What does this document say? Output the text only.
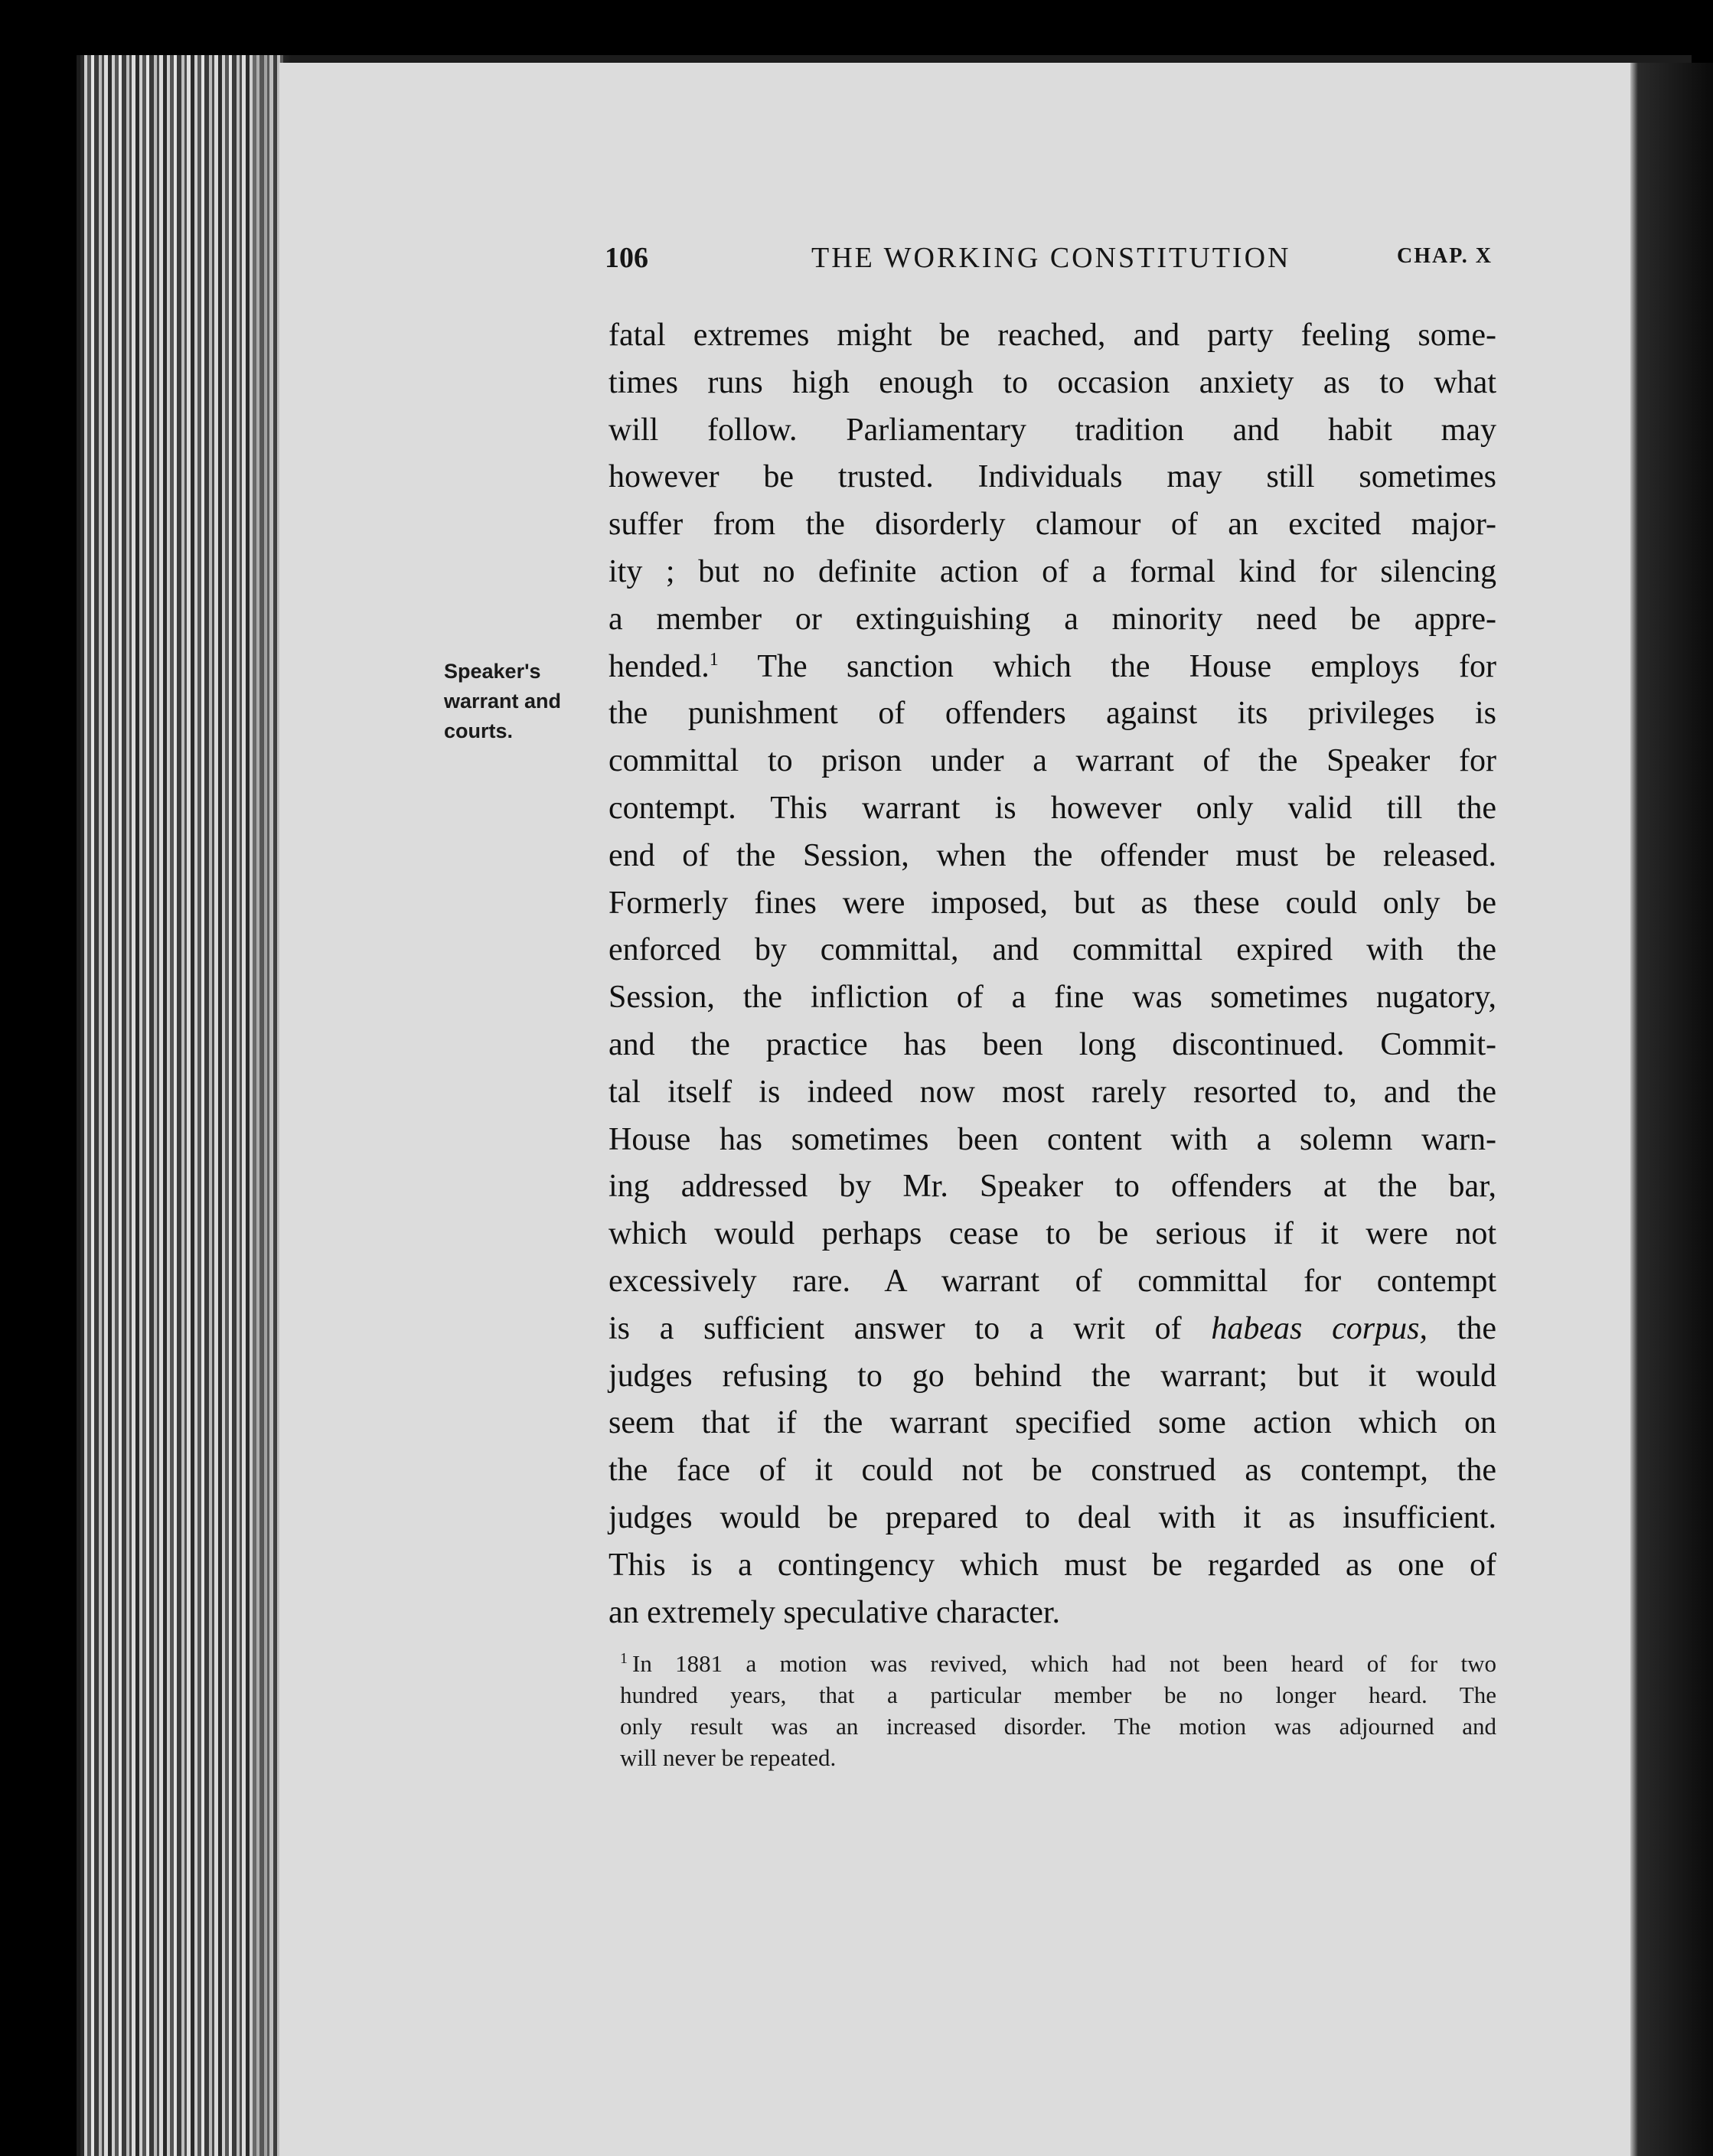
106	THE WORKING CONSTITUTION	CHAP. X
Speaker's
warrant and
courts.
fatal extremes might be reached, and party feeling some-
times runs high enough to occasion anxiety as to what
will follow. Parliamentary tradition and habit may
however be trusted. Individuals may still sometimes
suffer from the disorderly clamour of an excited major-
ity ; but no definite action of a formal kind for silencing
a member or extinguishing a minority need be appre-
hended.$^1$ The sanction which the House employs for
the punishment of offenders against its privileges is
committal to prison under a warrant of the Speaker for
contempt. This warrant is however only valid till the
end of the Session, when the offender must be released.
Formerly fines were imposed, but as these could only be
enforced by committal, and committal expired with the
Session, the infliction of a fine was sometimes nugatory,
and the practice has been long discontinued. Commit-
tal itself is indeed now most rarely resorted to, and the
House has sometimes been content with a solemn warn-
ing addressed by Mr. Speaker to offenders at the bar,
which would perhaps cease to be serious if it were not
excessively rare. A warrant of committal for contempt
is a sufficient answer to a writ of habeas corpus, the
judges refusing to go behind the warrant; but it would
seem that if the warrant specified some action which on
the face of it could not be construed as contempt, the
judges would be prepared to deal with it as insufficient.
This is a contingency which must be regarded as one of
an extremely speculative character.
$^1$ In 1881 a motion was revived, which had not been heard of for two
hundred years, that a particular member be no longer heard. The
only result was an increased disorder. The motion was adjourned and
will never be repeated.
